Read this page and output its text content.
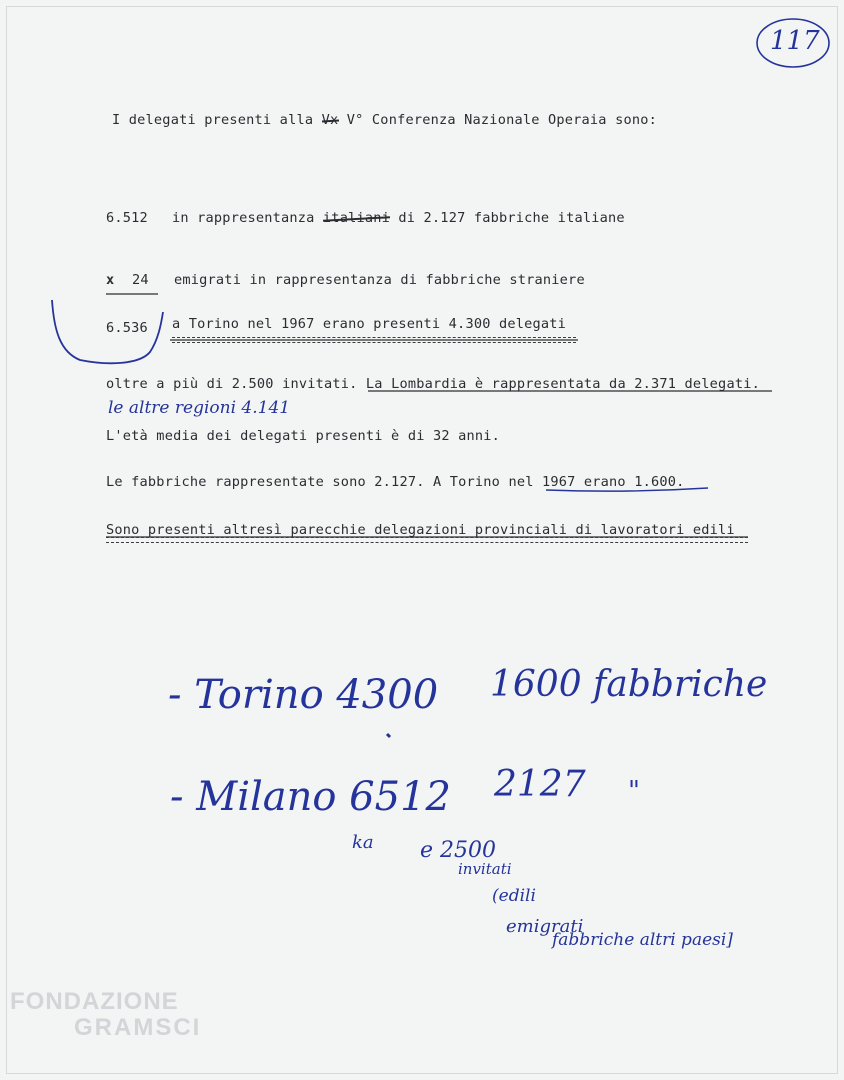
117
I delegati presenti alla Vx V° Conferenza Nazionale Operaia sono:
6.512 in rappresentanza italiani di 2.127 fabbriche italiane
x 24 emigrati in rappresentanza di fabbriche straniere
6.536 a Torino nel 1967 erano presenti 4.300 delegati
oltre a più di 2.500 invitati. La Lombardia è rappresentata da 2.371 delegati.
le altre regioni 4.141
L'età media dei delegati presenti è di 32 anni.
Le fabbriche rappresentate sono 2.127. A Torino nel 1967 erano 1.600.
Sono presenti altresì parecchie delegazioni provinciali di lavoratori edili
- Torino 4300 1600 fabbriche
- Milano 6512 2127 "
ka e 2500
invitati
(edili
emigrati
fabbriche altri paesi]
FONDAZIONE
GRAMSCI
